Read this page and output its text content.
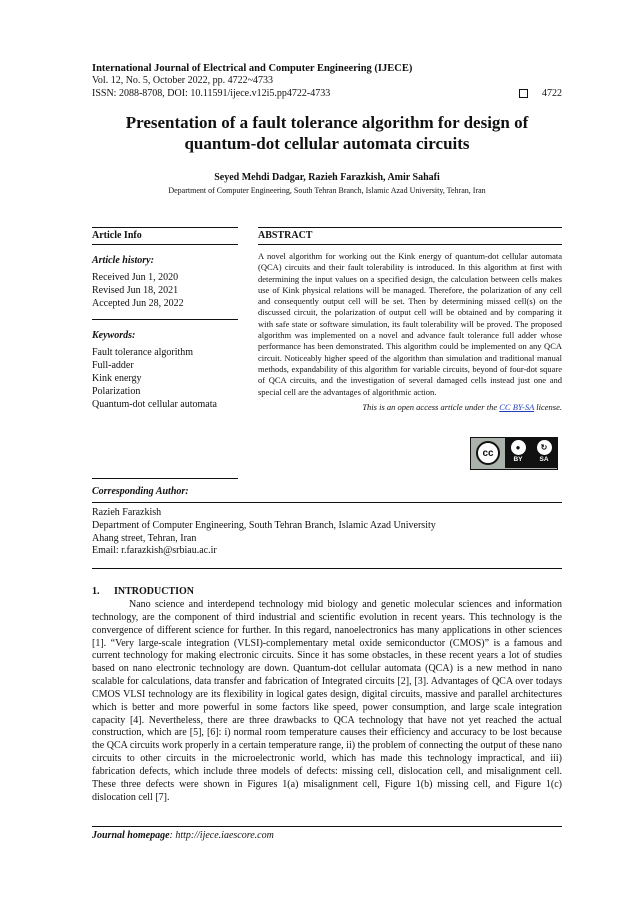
International Journal of Electrical and Computer Engineering (IJECE)
Vol. 12, No. 5, October 2022, pp. 4722~4733
ISSN: 2088-8708, DOI: 10.11591/ijece.v12i5.pp4722-4733	4722
Presentation of a fault tolerance algorithm for design of quantum-dot cellular automata circuits
Seyed Mehdi Dadgar, Razieh Farazkish, Amir Sahafi
Department of Computer Engineering, South Tehran Branch, Islamic Azad University, Tehran, Iran
Article Info
Article history:
Received Jun 1, 2020
Revised Jun 18, 2021
Accepted Jun 28, 2022
Keywords:
Fault tolerance algorithm
Full-adder
Kink energy
Polarization
Quantum-dot cellular automata
ABSTRACT
A novel algorithm for working out the Kink energy of quantum-dot cellular automata (QCA) circuits and their fault tolerability is introduced. In this algorithm at first with determining the input values on a specified design, the calculation between cells makes use of Kink physical relations will be managed. Therefore, the polarization of any cell and consequently output cell will be set. Then by determining missed cell(s) on the discussed circuit, the polarization of output cell will be obtained and by comparing it with safe state or software simulation, its fault tolerability will be proved. The proposed algorithm was implemented on a novel and advance fault tolerance full adder whose performance has been demonstrated. This algorithm could be implemented on any QCA circuit. Noticeably higher speed of the algorithm than simulation and traditional manual methods, expandability of this algorithm for variable circuits, beyond of four-dot square of QCA circuits, and the investigation of several damaged cells instead just one and special cell are the advantages of algorithmic action.
This is an open access article under the CC BY-SA license.
cc	●	↻
BY	SA
Corresponding Author:
Razieh Farazkish
Department of Computer Engineering, South Tehran Branch, Islamic Azad University
Ahang street, Tehran, Iran
Email: r.farazkish@srbiau.ac.ir
1. INTRODUCTION
Nano science and interdepend technology mid biology and genetic molecular sciences and information technology, are the component of third industrial and scientific evolution in recent years. This technology is the convergence of different science for further. In this regard, nanoelectronics has many applications in other sciences [1]. “Very large-scale integration (VLSI)-complementary metal oxide semiconductor (CMOS)” is a famous and current technology for making electronic circuits. Since it has some obstacles, in these recent years a lot of studies based on nano electronic technology are down. Quantum-dot cellular automata (QCA) is a new method in nano scalable for calculations, data transfer and fabrication of Integrated circuits [2], [3]. Advantages of QCA over todays CMOS VLSI technology are its flexibility in logical gates design, digital circuits, massive and parallel architectures which is better and more powerful in some factors like speed, power consumption, and large scale integration capacity [4]. Nevertheless, there are three drawbacks to QCA technology that have not yet reached the actual construction, which are [5], [6]: i) normal room temperature causes their efficiency and accuracy to be lost because the QCA circuits work properly in a certain temperature range, ii) the problem of connecting the output of these nano circuits to other circuits in the microelectronic world, which has made this technology impractical, and iii) fabrication defects, which include three models of defects: missing cell, dislocation cell, and misalignment cell. These three defects were shown in Figures 1(a) misalignment cell, Figure 1(b) missing cell, and Figure 1(c) dislocation cell [7].
Journal homepage: http://ijece.iaescore.com
